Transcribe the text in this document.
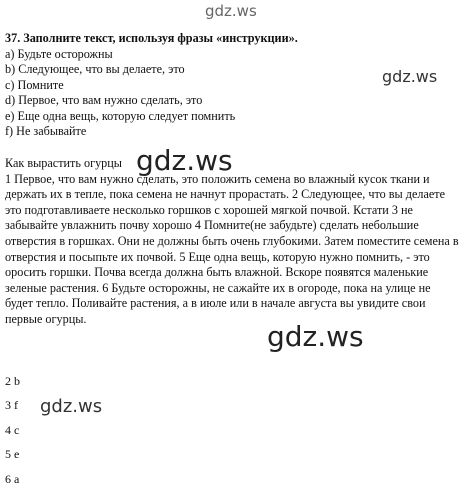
gdz.ws
gdz.ws
37. Заполните текст, используя фразы «инструкции».
a) Будьте осторожны
b) Следующее, что вы делаете, это
c) Помните
d) Первое, что вам нужно сделать, это
e) Еще одна вещь, которую следует помнить
f) Не забывайте
Как вырастить огурцы

1 Первое, что вам нужно сделать, это положить семена во влажный кусок ткани и держать их в тепле, пока семена не начнут прорастать. 2 Следующее, что вы делаете это подготавливаете несколько горшков с хорошей мягкой почвой. Кстати 3 не забывайте увлажнить почву хорошо 4 Помните(не забудьте) сделать небольшие отверстия в горшках. Они не должны быть очень глубокими. Затем поместите семена в отверстия и посыпьте их почвой. 5 Еще одна вещь, которую нужно помнить, - это оросить горшки. Почва всегда должна быть влажной. Вскоре появятся маленькие зеленые растения. 6 Будьте осторожны, не сажайте их в огороде, пока на улице не будет тепло. Поливайте растения, а в июле или в начале августа вы увидите свои первые огурцы.

gdz.ws
gdz.ws
2 b
3 f
4 c
5 e
6 a
gdz.ws
